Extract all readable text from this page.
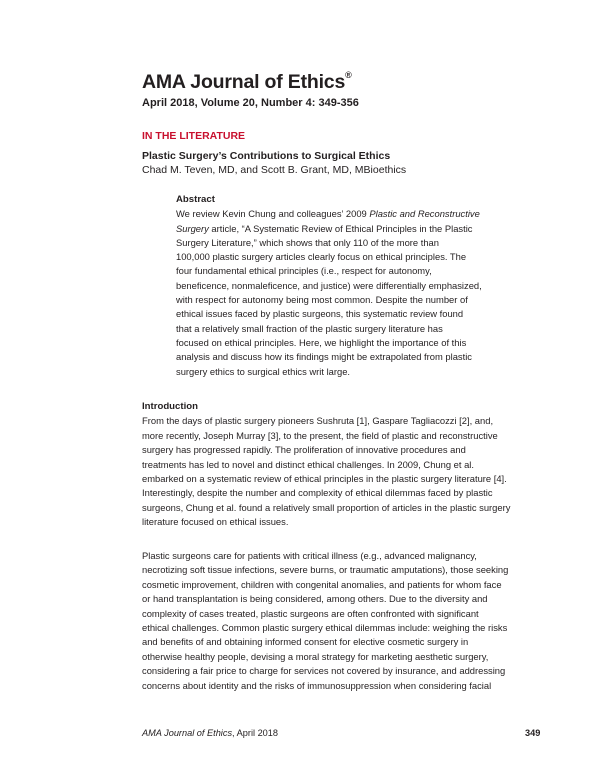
AMA Journal of Ethics®
April 2018, Volume 20, Number 4: 349-356
IN THE LITERATURE
Plastic Surgery’s Contributions to Surgical Ethics
Chad M. Teven, MD, and Scott B. Grant, MD, MBioethics
Abstract
We review Kevin Chung and colleagues’ 2009 Plastic and Reconstructive
Surgery article, “A Systematic Review of Ethical Principles in the Plastic
Surgery Literature,” which shows that only 110 of the more than
100,000 plastic surgery articles clearly focus on ethical principles. The
four fundamental ethical principles (i.e., respect for autonomy,
beneficence, nonmaleficence, and justice) were differentially emphasized,
with respect for autonomy being most common. Despite the number of
ethical issues faced by plastic surgeons, this systematic review found
that a relatively small fraction of the plastic surgery literature has
focused on ethical principles. Here, we highlight the importance of this
analysis and discuss how its findings might be extrapolated from plastic
surgery ethics to surgical ethics writ large.
Introduction
From the days of plastic surgery pioneers Sushruta [1], Gaspare Tagliacozzi [2], and,
more recently, Joseph Murray [3], to the present, the field of plastic and reconstructive
surgery has progressed rapidly. The proliferation of innovative procedures and
treatments has led to novel and distinct ethical challenges. In 2009, Chung et al.
embarked on a systematic review of ethical principles in the plastic surgery literature [4].
Interestingly, despite the number and complexity of ethical dilemmas faced by plastic
surgeons, Chung et al. found a relatively small proportion of articles in the plastic surgery
literature focused on ethical issues.
Plastic surgeons care for patients with critical illness (e.g., advanced malignancy,
necrotizing soft tissue infections, severe burns, or traumatic amputations), those seeking
cosmetic improvement, children with congenital anomalies, and patients for whom face
or hand transplantation is being considered, among others. Due to the diversity and
complexity of cases treated, plastic surgeons are often confronted with significant
ethical challenges. Common plastic surgery ethical dilemmas include: weighing the risks
and benefits of and obtaining informed consent for elective cosmetic surgery in
otherwise healthy people, devising a moral strategy for marketing aesthetic surgery,
considering a fair price to charge for services not covered by insurance, and addressing
concerns about identity and the risks of immunosuppression when considering facial
AMA Journal of Ethics, April 2018	349
